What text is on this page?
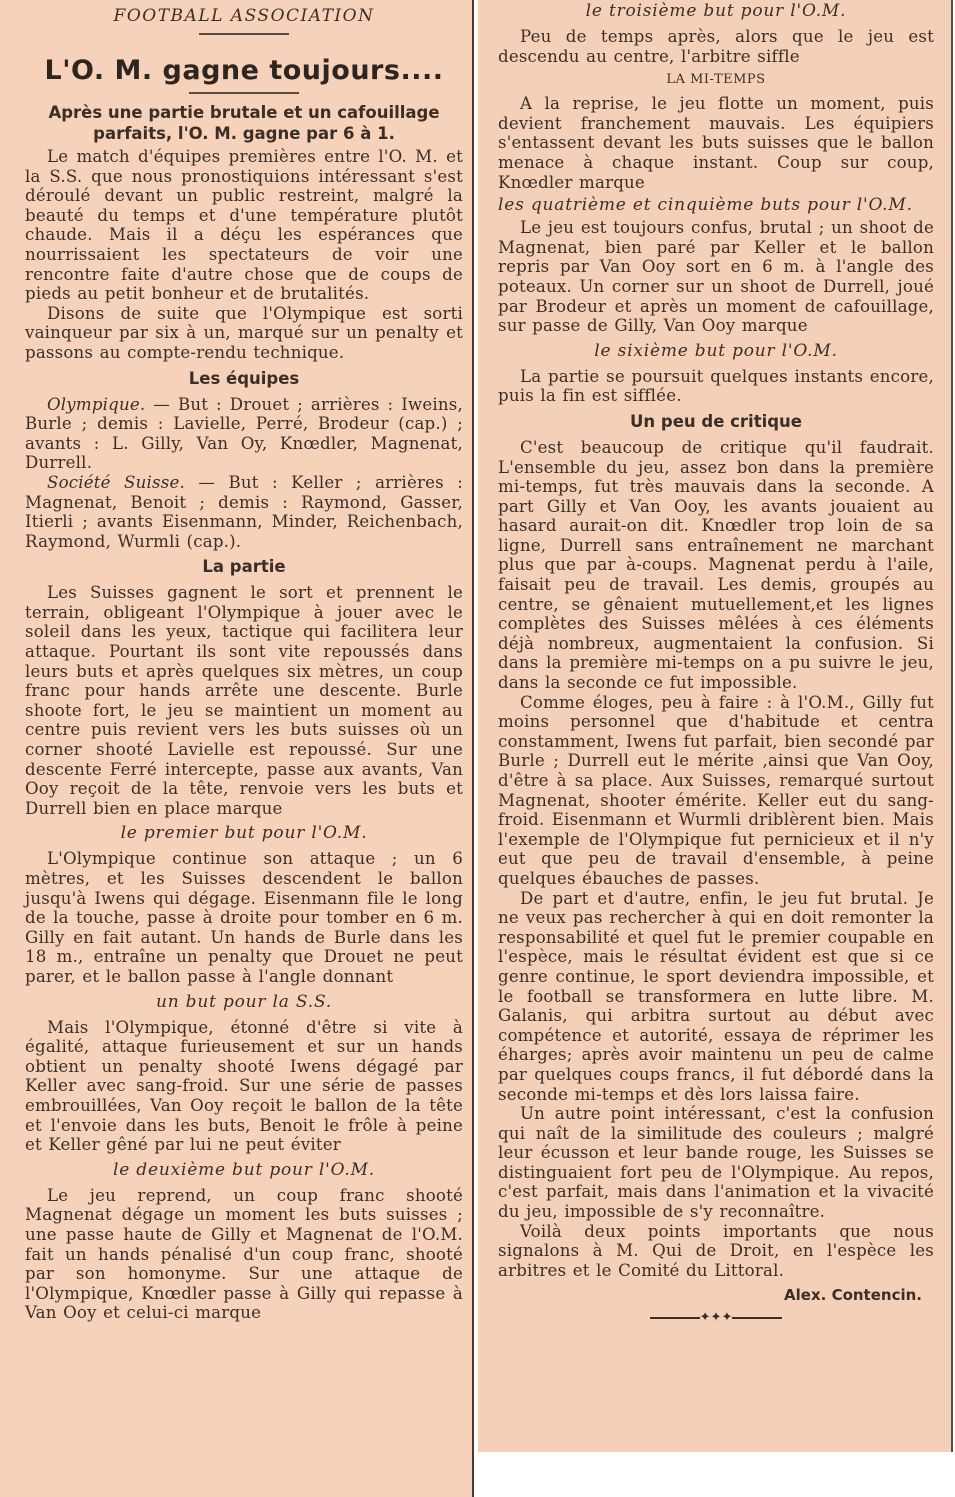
FOOTBALL ASSOCIATION
L'O. M. gagne toujours....
Après une partie brutale et un cafouillage parfaits, l'O. M. gagne par 6 à 1.

Le match d'équipes premières entre l'O. M. et la S.S. que nous pronostiquions intéressant s'est déroulé devant un public restreint, malgré la beauté du temps et d'une température plutôt chaude. Mais il a déçu les espérances que nourrissaient les spectateurs de voir une rencontre faite d'autre chose que de coups de pieds au petit bonheur et de brutalités.

Disons de suite que l'Olympique est sorti vainqueur par six à un, marqué sur un penalty et passons au compte-rendu technique.

Les équipes

Olympique. — But : Drouet ; arrières : Iweins, Burle ; demis : Lavielle, Perré, Brodeur (cap.) ; avants : L. Gilly, Van Oy, Knœdler, Magnenat, Durrell.

Société Suisse. — But : Keller ; arrières : Magnenat, Benoit ; demis : Raymond, Gasser, Itierli ; avants Eisenmann, Minder, Reichenbach, Raymond, Wurmli (cap.).

La partie

Les Suisses gagnent le sort et prennent le terrain, obligeant l'Olympique à jouer avec le soleil dans les yeux, tactique qui facilitera leur attaque. Pourtant ils sont vite repoussés dans leurs buts et après quelques six mètres, un coup franc pour hands arrête une descente. Burle shoote fort, le jeu se maintient un moment au centre puis revient vers les buts suisses où un corner shooté Lavielle est repoussé. Sur une descente Ferré intercepte, passe aux avants, Van Ooy reçoit de la tête, renvoie vers les buts et Durrell bien en place marque

le premier but pour l'O.M.

L'Olympique continue son attaque ; un 6 mètres, et les Suisses descendent le ballon jusqu'à Iwens qui dégage. Eisenmann file le long de la touche, passe à droite pour tomber en 6 m. Gilly en fait autant. Un hands de Burle dans les 18 m., entraîne un penalty que Drouet ne peut parer, et le ballon passe à l'angle donnant

un but pour la S.S.

Mais l'Olympique, étonné d'être si vite à égalité, attaque furieusement et sur un hands obtient un penalty shooté Iwens dégagé par Keller avec sang-froid. Sur une série de passes embrouillées, Van Ooy reçoit le ballon de la tête et l'envoie dans les buts, Benoit le frôle à peine et Keller gêné par lui ne peut éviter

le deuxième but pour l'O.M.

Le jeu reprend, un coup franc shooté Magnenat dégage un moment les buts suisses ; une passe haute de Gilly et Magnenat de l'O.M. fait un hands pénalisé d'un coup franc, shooté par son homonyme. Sur une attaque de l'Olympique, Knœdler passe à Gilly qui repasse à Van Ooy et celui-ci marque

le troisième but pour l'O.M.

Peu de temps après, alors que le jeu est descendu au centre, l'arbitre siffle

LA MI-TEMPS

A la reprise, le jeu flotte un moment, puis devient franchement mauvais. Les équipiers s'entassent devant les buts suisses que le ballon menace à chaque instant. Coup sur coup, Knœdler marque

les quatrième et cinquième buts pour l'O.M.

Le jeu est toujours confus, brutal ; un shoot de Magnenat, bien paré par Keller et le ballon repris par Van Ooy sort en 6 m. à l'angle des poteaux. Un corner sur un shoot de Durrell, joué par Brodeur et après un moment de cafouillage, sur passe de Gilly, Van Ooy marque

le sixième but pour l'O.M.

La partie se poursuit quelques instants encore, puis la fin est sifflée.

Un peu de critique

C'est beaucoup de critique qu'il faudrait. L'ensemble du jeu, assez bon dans la première mi-temps, fut très mauvais dans la seconde. A part Gilly et Van Ooy, les avants jouaient au hasard aurait-on dit. Knœdler trop loin de sa ligne, Durrell sans entraînement ne marchant plus que par à-coups. Magnenat perdu à l'aile, faisait peu de travail. Les demis, groupés au centre, se gênaient mutuellement,et les lignes complètes des Suisses mêlées à ces éléments déjà nombreux, augmentaient la confusion. Si dans la première mi-temps on a pu suivre le jeu, dans la seconde ce fut impossible.

Comme éloges, peu à faire : à l'O.M., Gilly fut moins personnel que d'habitude et centra constamment, Iwens fut parfait, bien secondé par Burle ; Durrell eut le mérite ,ainsi que Van Ooy, d'être à sa place. Aux Suisses, remarqué surtout Magnenat, shooter émérite. Keller eut du sang-froid. Eisenmann et Wurmli driblèrent bien. Mais l'exemple de l'Olympique fut pernicieux et il n'y eut que peu de travail d'ensemble, à peine quelques ébauches de passes.

De part et d'autre, enfin, le jeu fut brutal. Je ne veux pas rechercher à qui en doit remonter la responsabilité et quel fut le premier coupable en l'espèce, mais le résultat évident est que si ce genre continue, le sport deviendra impossible, et le football se transformera en lutte libre. M. Galanis, qui arbitra surtout au début avec compétence et autorité, essaya de réprimer les éharges; après avoir maintenu un peu de calme par quelques coups francs, il fut débordé dans la seconde mi-temps et dès lors laissa faire.

Un autre point intéressant, c'est la confusion qui naît de la similitude des couleurs ; malgré leur écusson et leur bande rouge, les Suisses se distinguaient fort peu de l'Olympique. Au repos, c'est parfait, mais dans l'animation et la vivacité du jeu, impossible de s'y reconnaître.

Voilà deux points importants que nous signalons à M. Qui de Droit, en l'espèce les arbitres et le Comité du Littoral.

Alex. Contencin.
✦✦✦
